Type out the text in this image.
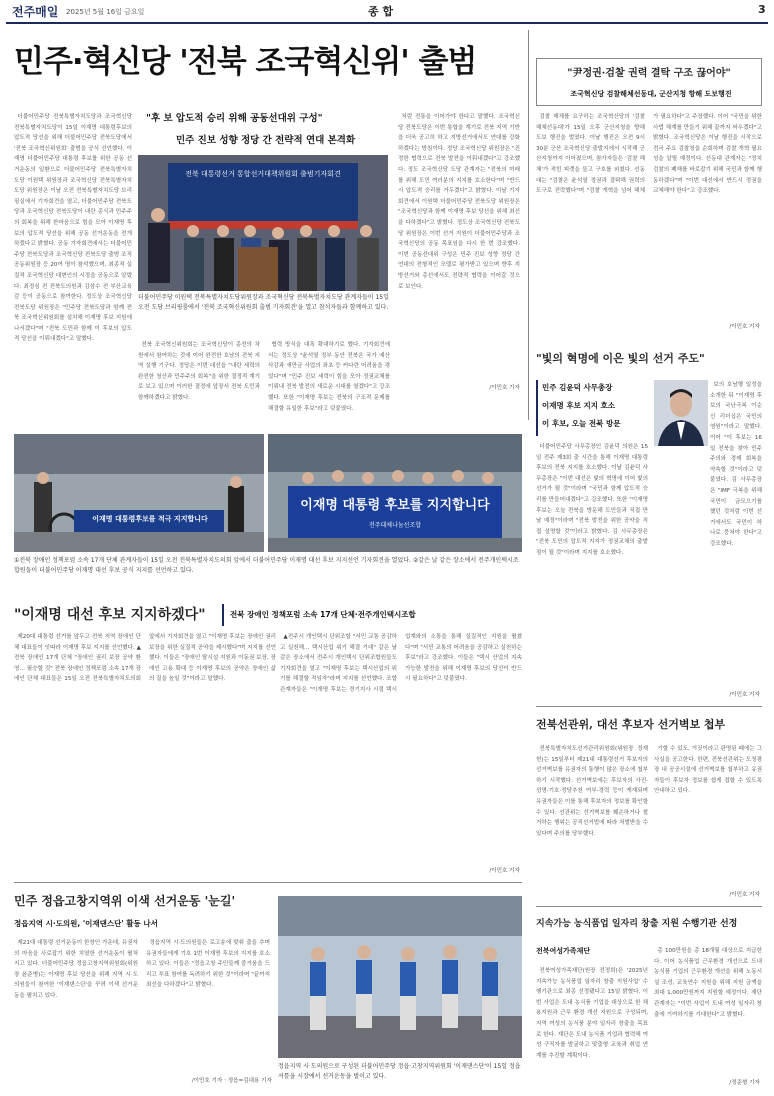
전주매일 2025년 5월 16일 금요일	종 합	3
민주·혁신당 '전북 조국혁신위' 출범

더불어민주당 전북특별자치도당과 조국혁신당 전북특별자치도당이 15일 이재명 대통령후보의 압도적 당선을 위해 더불어민주당 전북도당에서 '전북 조국혁신위원회' 출범을 공식 선언했다. 이재명 더불어민주당 대통령 후보를 위한 공동 선거운동의 일환으로 더불어민주당 전북특별자치도당 이원택 위원장과 조국혁신당 전북특별자치도당 위원장은 이날 오전 전북특별자치도당 브리핑실에서 기자회견을 열고, 더불어민주당 전북도당과 조국혁신당 전북도당이 내란 종식과 민주주의 회복을 위해 한마음으로 힘을 모아 이재명 후보의 압도적 당선을 위해 공동 선거운동을 전개하겠다고 밝혔다. 공동 기자회견에서는 더불어민주당 전북도당과 조국혁신당 전북도당 출범 조직 공동위원장 등 20여 명이 참석했으며, 최종적 실질적 조국혁신당 대변인의 시정을 공동으로 알렸다. 최정심 전 전북도의원과 김삼수 전 부산교육감 등이 공동으로 참여한다. 정도상 조국혁신당 전북도당 위원장은 "민주당 전북도당과 함께 전북 조국혁신위원회를 설치해 이재명 후보 지원에 나서겠다"며 "전북 도민과 함께 이 후보의 압도적 당선을 이뤄내겠다"고 말했다.

"후 보 압도적 승리 위해 공동선대위 구성"
민주 진보 성향 정당 간 전략적 연대 본격화
전북 대통령선거 통합선거대책위원회 출범기자회견
더불어민주당 이원택 전북특별자치도당위원장과 조국혁신당 전북특별자치도당 관계자들이 15일 오전 도당 브리핑룸에서 '전북 조국혁신위원회 출범 기자회견'을 열고 참석자들과 함께하고 있다.

전북 조국혁신위원회는 조국혁신당이 종전의 차원에서 참여하는 것에 이어 완전한 호남의 전북 지역 실행 기구다. 정당은 이번 대선을 "내란 세력의 완전한 청산과 민주주의 회복"을 위한 결정적 계기로 보고 있으며 이러한 결정에 앞장서 전북 도민과 함께하겠다고 밝혔다.

협력 방식을 대폭 확대하기로 했다. 기자회견에서는 정도상 "윤석열 정부 동안 전북은 국가 예산 삭감과 새만금 사업의 좌초 등 커다란 어려움을 겪었다"며 "민주 진보 세력이 힘을 모아 정권교체를 이뤄내 전북 발전의 새로운 시대를 열겠다"고 강조했다. 또한 "이재명 후보는 전북의 구조적 문제를 해결할 유일한 후보"라고 덧붙였다.

처럼 전통을 이어가야 한다고 말했다. 조국혁신당 전북도당은 이번 통합을 계기로 전북 지역 기반을 더욱 공고히 하고 지방선거에서도 연대를 강화하겠다는 방침이다. 정당 조국혁신당 위원장은 "진정한 협력으로 전북 발전을 이뤄내겠다"고 강조했다. 정도 조국혁신당 도당 관계자는 "전북의 미래를 위해 도민 여러분의 지지를 호소한다"며 "반드시 압도적 승리를 거두겠다"고 밝혔다. 이날 기자회견에서 이원택 더불어민주당 전북도당 위원장은 "조국혁신당과 함께 이재명 후보 당선을 위해 최선을 다하겠다"고 밝혔다. 정도상 조국혁신당 전북도당 위원장은 이번 선거 지원이 더불어민주당과 조국혁신당의 공동 목표임을 다시 한 번 강조했다. 이번 공동선대위 구성은 민주 진보 성향 정당 간 연대의 전형적인 모델로 평가받고 있으며 향후 지방선거와 총선에서도 전략적 협력을 이어갈 것으로 보인다.

/이민호 기자
"尹정권·검찰 권력 결탁 구조 끊어야"
조국혁신당 검찰해체선동대, 군산지청 항해 도보행진

검찰 해체를 요구하는 조국혁신당의 '검찰해체선동대'가 15일 오후 군산지청을 향해 도보 행진을 벌였다. 이날 행진은 오전 9시 30분 군산 조국혁신당 출발지에서 시작해 군산지청까지 이어졌으며, 참가자들은 '검찰 해체'가 적힌 피켓을 들고 구호를 외쳤다. 선동대는 "검찰은 윤석열 정권과 결탁해 권력의 도구로 전락했다"며 "검찰 개혁을 넘어 해체가 필요하다"고 주장했다. 이어 "국민을 위한 사법 체계를 만들기 위해 끝까지 싸우겠다"고 밝혔다. 조국혁신당은 이날 행진을 시작으로 전국 주요 검찰청을 순회하며 검찰 개혁 필요성을 알릴 예정이다. 선동대 관계자는 "정치 검찰의 폐해를 바로잡기 위해 국민과 함께 행동하겠다"며 "이번 대선에서 반드시 정권을 교체해야 한다"고 강조했다.

/이민호 기자
"빛의 혁명에 이은 빛의 선거 주도"
민주 김윤덕 사무총장
이재명 후보 지지 호소
이 후보, 오늘 전북 방문

더불어민주당 사무총장인 김윤덕 의원은 15일 전주 제3회 출 시간을 통해 이재명 대통령후보의 전북 지지를 호소했다. 이날 김윤덕 사무총장은 "이번 대선은 빛의 혁명에 이어 빛의 선거가 될 것"이라며 "국민과 함께 압도적 승리를 만들어내겠다"고 강조했다. 또한 "이재명 후보는 오늘 전북을 방문해 도민들과 직접 만날 예정"이라며 "전북 발전을 위한 공약을 직접 설명할 것"이라고 밝혔다. 김 사무총장은 "전북 도민의 압도적 지지가 정권교체의 출발점이 될 것"이라며 지지를 호소했다.

보의 호남행 일정을 소개한 뒤 "이재명 후보의 국난극복 이순신 리더십은 국민의 염원"이라고 말했다. 이어 "이 후보는 16일 전북을 찾아 민주주의와 경제 회복을 약속할 것"이라고 덧붙였다. 김 사무총장은 "IMF 극복을 위해 국민이 금모으기를 했던 것처럼 이번 선거에서도 국민이 하나로 뭉쳐야 한다"고 강조했다.

/이민호 기자
이재명 대통령후보를 적극 지지합니다
이재명 대통령 후보를 지지합니다
전주대체나눔선조합
①전북 장애인 정책포럼 소속 17개 단체 관계자들이 15일 오전 전북특별자치도의회 앞에서 더불어민주당 이재명 대선 후보 지지선언 기자회견을 열었다. ②같은 날 같은 장소에서 전주개인택시조합원들이 더불어민주당 이재명 대선 후보 공식 지지를 선언하고 있다.
"이재명 대선 후보 지지하겠다"	전북 장애인 정책포럼 소속 17개 단체·전주개인택시조합

제20대 대통령 선거를 앞두고 전북 지역 장애인 단체 대표들이 잇따라 이재명 후보 지지를 선언했다. ▲전북 장애인 17개 단체 "장애인 권리 보장 공약 환영… 필승할 것" 전북 장애인 정책포럼 소속 17개 장애인 단체 대표들은 15일 오전 전북특별자치도의회 앞에서 기자회견을 열고 "이재명 후보는 장애인 권리 보장을 위한 실질적 공약을 제시했다"며 지지를 선언했다. 이들은 "장애인 탈시설 지원과 이동권 보장, 장애인 고용 확대 등 이재명 후보의 공약은 장애인 삶의 질을 높일 것"이라고 말했다.

▲전주시 개인택시 단위조합 "서민 교통 공감하고 실천해… 택시산업 위기 해결 기대" 같은 날 같은 장소에서 전주시 개인택시 단위조합원들도 기자회견을 열고 "이재명 후보는 택시산업의 위기를 해결할 적임자"라며 지지를 선언했다. 조합 관계자들은 "이재명 후보는 경기지사 시절 택시업계와의 소통을 통해 실질적인 지원을 펼쳤다"며 "서민 교통의 어려움을 공감하고 실천하는 후보"라고 강조했다. 이들은 "택시 산업의 지속 가능한 발전을 위해 이재명 후보의 당선이 반드시 필요하다"고 덧붙였다.

/이민호 기자
전북선관위, 대선 후보자 선거벽보 첩부

전북특별자치도선거관리위원회(위원장 정재헌)는 15일부터 제21대 대통령선거 후보자의 선거벽보를 유권자의 통행이 많은 장소에 첩부하기 시작했다. 선거벽보에는 후보자의 사진·성명·기호·정당추천 여부·경력 등이 게재되며 유권자들은 이를 통해 후보자의 정보를 확인할 수 있다. 선관위는 선거벽보를 훼손하거나 철거하는 행위는 공직선거법에 따라 처벌받을 수 있다며 주의를 당부했다.

기할 수 있도, 거짓이라고 판명된 때에는 그 사실을 공고한다. 한편, 전북선관위는 도청광장 내 공공시설에 선거벽보를 첩부하고 유권자들이 후보자 정보를 쉽게 접할 수 있도록 안내하고 있다.

/이민호 기자
민주 정읍고창지역위 이색 선거운동 '눈길'
정읍지역 시·도의원, '이재댄스단' 활동 나서

제21대 대통령 선거운동이 한창인 가운데, 유권자의 마음을 사로잡기 위한 치열한 선거운동이 펼쳐지고 있다. 더불어민주당 정읍고창지역위원회(위원장 윤준병)는 이재명 후보 당선을 위해 지역 시·도의원들이 참여한 '이재댄스단'을 꾸려 이색 선거운동을 펼치고 있다.

정읍지역 시·도의원들은 로고송에 맞춰 춤을 추며 유권자들에게 기호 1번 이재명 후보의 지지를 호소하고 있다. 이들은 "정읍고창 주민들께 즐거움을 드리고 투표 참여를 독려하기 위한 것"이라며 "끝까지 최선을 다하겠다"고 밝혔다.

/이민호 기자 · 정읍=김대용 기자
정읍지역 시·도의원으로 구성된 더불어민주당 정읍·고창지역위원회 '이재댄스단'이 15일 정읍 셔틀을 시장에서 선거운동을 벌이고 있다.
지속가능 농식품업 일자리 창출 지원 수행기관 선정
전북여성가족재단

전북여성가족재단(원장 전정희)은 '2025년 지속가능 농식품업 일자리 창출 지원사업' 수행기관으로 최종 선정됐다고 15일 밝혔다. 이번 사업은 도내 농식품 기업을 대상으로 한 채용지원과 근무 환경 개선 지원으로 구성되며, 지역 여성의 농식품 분야 일자리 창출을 목표로 한다. 재단은 도내 농식품 기업과 협력해 여성 구직자를 발굴하고 맞춤형 교육과 취업 연계를 추진할 계획이다.

총 100만원을 총 18개월 대상으로 지급한다. 이어 농식품업 근무환경 개선으로 도내 농식품 기업의 근무환경 개선을 위해 노동시설 조성, 교육연수 지원을 위해 지원 금액을 최대 1,000만원까지 지원할 예정이다. 재단 관계자는 "이번 사업이 도내 여성 일자리 창출에 기여하기를 기대한다"고 밝혔다.

/정준형 기자
